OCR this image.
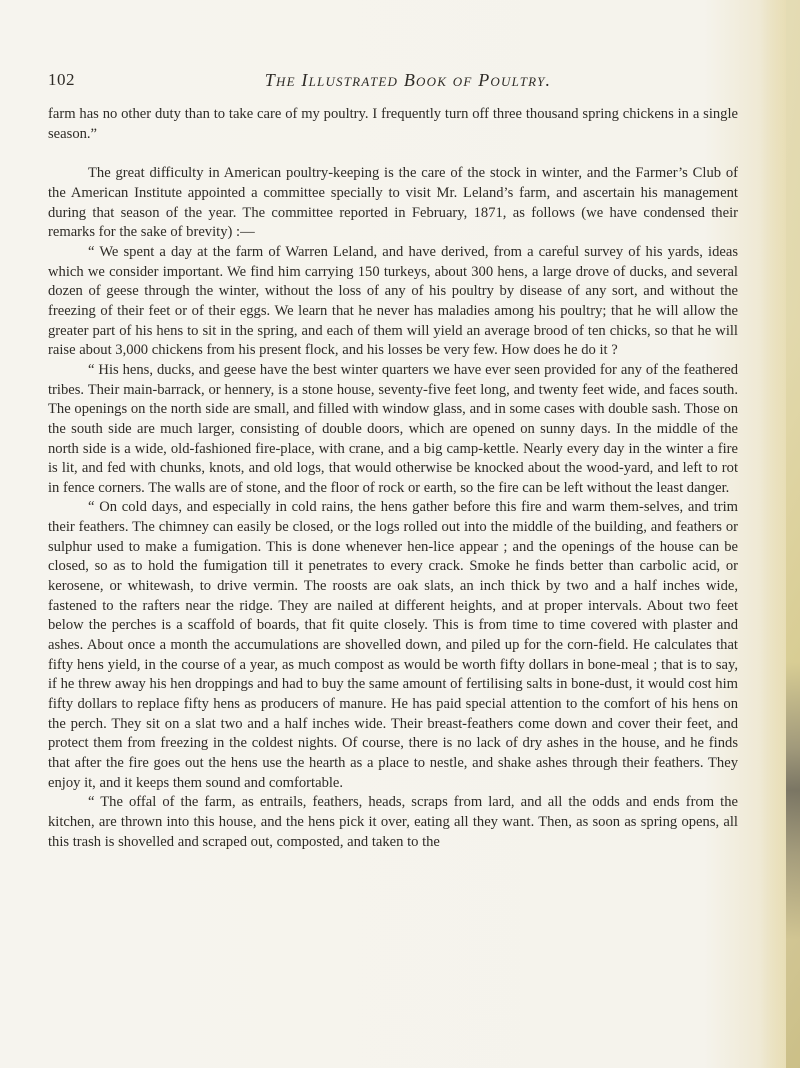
102	The Illustrated Book of Poultry.

farm has no other duty than to take care of my poultry. I frequently turn off three thousand spring chickens in a single season.”

The great difficulty in American poultry-keeping is the care of the stock in winter, and the Farmer’s Club of the American Institute appointed a committee specially to visit Mr. Leland’s farm, and ascertain his management during that season of the year. The committee reported in February, 1871, as follows (we have condensed their remarks for the sake of brevity) :—

“ We spent a day at the farm of Warren Leland, and have derived, from a careful survey of his yards, ideas which we consider important. We find him carrying 150 turkeys, about 300 hens, a large drove of ducks, and several dozen of geese through the winter, without the loss of any of his poultry by disease of any sort, and without the freezing of their feet or of their eggs. We learn that he never has maladies among his poultry; that he will allow the greater part of his hens to sit in the spring, and each of them will yield an average brood of ten chicks, so that he will raise about 3,000 chickens from his present flock, and his losses be very few. How does he do it ?

“ His hens, ducks, and geese have the best winter quarters we have ever seen provided for any of the feathered tribes. Their main-barrack, or hennery, is a stone house, seventy-five feet long, and twenty feet wide, and faces south. The openings on the north side are small, and filled with window glass, and in some cases with double sash. Those on the south side are much larger, consisting of double doors, which are opened on sunny days. In the middle of the north side is a wide, old-fashioned fire-place, with crane, and a big camp-kettle. Nearly every day in the winter a fire is lit, and fed with chunks, knots, and old logs, that would otherwise be knocked about the wood-yard, and left to rot in fence corners. The walls are of stone, and the floor of rock or earth, so the fire can be left without the least danger.

“ On cold days, and especially in cold rains, the hens gather before this fire and warm them-selves, and trim their feathers. The chimney can easily be closed, or the logs rolled out into the middle of the building, and feathers or sulphur used to make a fumigation. This is done whenever hen-lice appear ; and the openings of the house can be closed, so as to hold the fumigation till it penetrates to every crack. Smoke he finds better than carbolic acid, or kerosene, or whitewash, to drive vermin. The roosts are oak slats, an inch thick by two and a half inches wide, fastened to the rafters near the ridge. They are nailed at different heights, and at proper intervals. About two feet below the perches is a scaffold of boards, that fit quite closely. This is from time to time covered with plaster and ashes. About once a month the accumulations are shovelled down, and piled up for the corn-field. He calculates that fifty hens yield, in the course of a year, as much compost as would be worth fifty dollars in bone-meal ; that is to say, if he threw away his hen droppings and had to buy the same amount of fertilising salts in bone-dust, it would cost him fifty dollars to replace fifty hens as producers of manure. He has paid special attention to the comfort of his hens on the perch. They sit on a slat two and a half inches wide. Their breast-feathers come down and cover their feet, and protect them from freezing in the coldest nights. Of course, there is no lack of dry ashes in the house, and he finds that after the fire goes out the hens use the hearth as a place to nestle, and shake ashes through their feathers. They enjoy it, and it keeps them sound and comfortable.

“ The offal of the farm, as entrails, feathers, heads, scraps from lard, and all the odds and ends from the kitchen, are thrown into this house, and the hens pick it over, eating all they want. Then, as soon as spring opens, all this trash is shovelled and scraped out, composted, and taken to the
